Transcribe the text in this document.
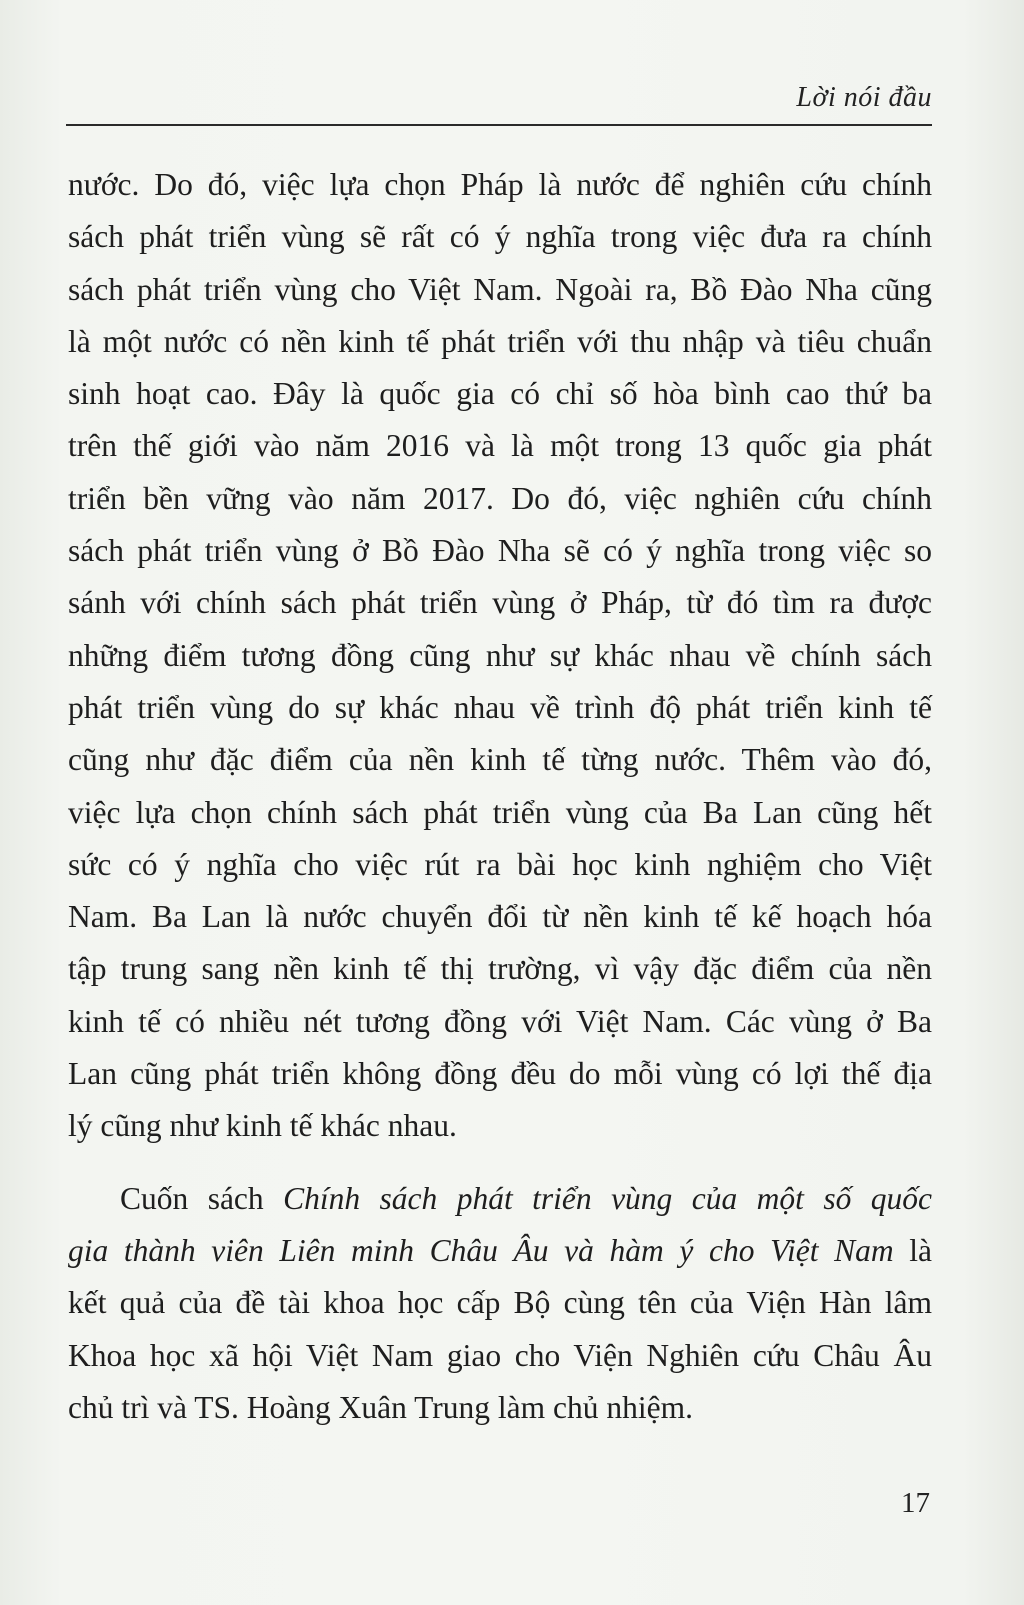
Lời nói đầu

nước. Do đó, việc lựa chọn Pháp là nước để nghiên cứu chính
sách phát triển vùng sẽ rất có ý nghĩa trong việc đưa ra chính
sách phát triển vùng cho Việt Nam. Ngoài ra, Bồ Đào Nha cũng
là một nước có nền kinh tế phát triển với thu nhập và tiêu chuẩn
sinh hoạt cao. Đây là quốc gia có chỉ số hòa bình cao thứ ba
trên thế giới vào năm 2016 và là một trong 13 quốc gia phát
triển bền vững vào năm 2017. Do đó, việc nghiên cứu chính
sách phát triển vùng ở Bồ Đào Nha sẽ có ý nghĩa trong việc so
sánh với chính sách phát triển vùng ở Pháp, từ đó tìm ra được
những điểm tương đồng cũng như sự khác nhau về chính sách
phát triển vùng do sự khác nhau về trình độ phát triển kinh tế
cũng như đặc điểm của nền kinh tế từng nước. Thêm vào đó,
việc lựa chọn chính sách phát triển vùng của Ba Lan cũng hết
sức có ý nghĩa cho việc rút ra bài học kinh nghiệm cho Việt
Nam. Ba Lan là nước chuyển đổi từ nền kinh tế kế hoạch hóa
tập trung sang nền kinh tế thị trường, vì vậy đặc điểm của nền
kinh tế có nhiều nét tương đồng với Việt Nam. Các vùng ở Ba
Lan cũng phát triển không đồng đều do mỗi vùng có lợi thế địa
lý cũng như kinh tế khác nhau.

Cuốn sách Chính sách phát triển vùng của một số quốc
gia thành viên Liên minh Châu Âu và hàm ý cho Việt Nam là
kết quả của đề tài khoa học cấp Bộ cùng tên của Viện Hàn lâm
Khoa học xã hội Việt Nam giao cho Viện Nghiên cứu Châu Âu
chủ trì và TS. Hoàng Xuân Trung làm chủ nhiệm.

17
